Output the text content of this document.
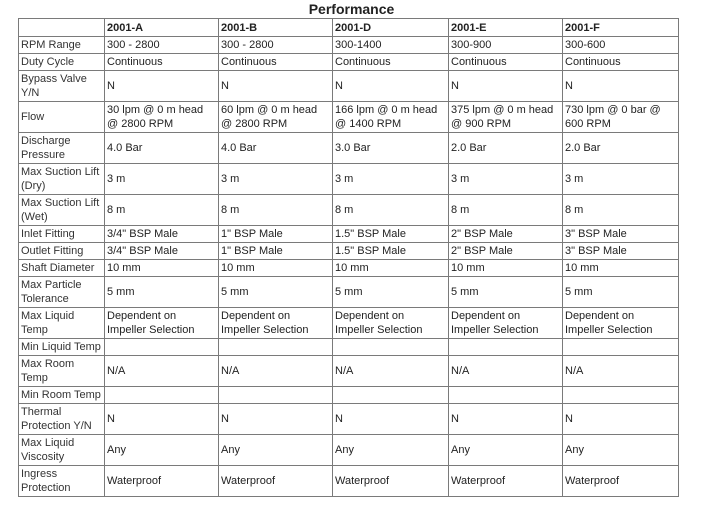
Performance
	2001-A	2001-B	2001-D	2001-E	2001-F
RPM Range	300 - 2800	300 - 2800	300-1400	300-900	300-600
Duty Cycle	Continuous	Continuous	Continuous	Continuous	Continuous
Bypass Valve Y/N	N	N	N	N	N
Flow	30 lpm @ 0 m head @ 2800 RPM	60 lpm @ 0 m head @ 2800 RPM	166 lpm @ 0 m head @ 1400 RPM	375 lpm @ 0 m head @ 900 RPM	730 lpm @ 0 bar @ 600 RPM
Discharge Pressure	4.0 Bar	4.0 Bar	3.0 Bar	2.0 Bar	2.0 Bar
Max Suction Lift (Dry)	3 m	3 m	3 m	3 m	3 m
Max Suction Lift (Wet)	8 m	8 m	8 m	8 m	8 m
Inlet Fitting	3/4" BSP Male	1" BSP Male	1.5" BSP Male	2" BSP Male	3" BSP Male
Outlet Fitting	3/4" BSP Male	1" BSP Male	1.5" BSP Male	2" BSP Male	3" BSP Male
Shaft Diameter	10 mm	10 mm	10 mm	10 mm	10 mm
Max Particle Tolerance	5 mm	5 mm	5 mm	5 mm	5 mm
Max Liquid Temp	Dependent on Impeller Selection	Dependent on Impeller Selection	Dependent on Impeller Selection	Dependent on Impeller Selection	Dependent on Impeller Selection
Min Liquid Temp					
Max Room Temp	N/A	N/A	N/A	N/A	N/A
Min Room Temp					
Thermal Protection Y/N	N	N	N	N	N
Max Liquid Viscosity	Any	Any	Any	Any	Any
Ingress Protection	Waterproof	Waterproof	Waterproof	Waterproof	Waterproof
